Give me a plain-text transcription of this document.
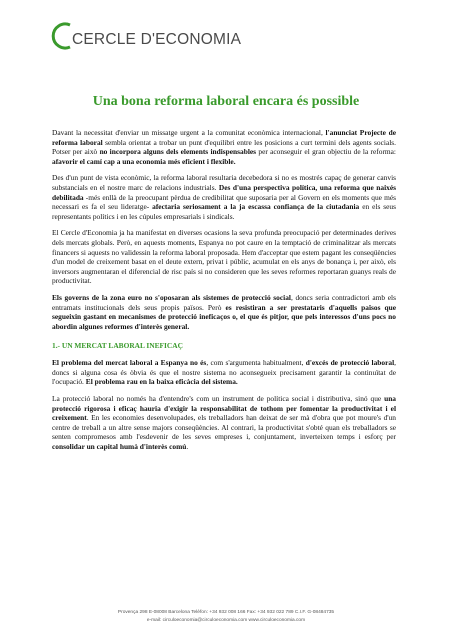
CERCLE D'ECONOMIA
Una bona reforma laboral encara és possible

Davant la necessitat d'enviar un missatge urgent a la comunitat econòmica internacional, l'anunciat Projecte de reforma laboral sembla orientat a trobar un punt d'equilibri entre les posicions a curt termini dels agents socials. Potser per això no incorpora alguns dels elements indispensables per aconseguir el gran objectiu de la reforma: afavorir el camí cap a una economia més eficient i flexible.

Des d'un punt de vista econòmic, la reforma laboral resultaria decebedora si no es mostrés capaç de generar canvis substancials en el nostre marc de relacions industrials. Des d'una perspectiva política, una reforma que naixés debilitada -més enllà de la preocupant pèrdua de credibilitat que suposaria per al Govern en els moments que més necessari es fa el seu lideratge- afectaria seriosament a la ja escassa confiança de la ciutadania en els seus representants polítics i en les cúpules empresarials i sindicals.

El Cercle d'Economia ja ha manifestat en diverses ocasions la seva profunda preocupació per determinades derives dels mercats globals. Però, en aquests moments, Espanya no pot caure en la temptació de criminalitzar als mercats financers si aquests no validessin la reforma laboral proposada. Hem d'acceptar que estem pagant les conseqüències d'un model de creixement basat en el deute extern, privat i públic, acumulat en els anys de bonança i, per això, els inversors augmentaran el diferencial de risc país si no consideren que les seves reformes reportaran guanys reals de productivitat.

Els governs de la zona euro no s'oposaran als sistemes de protecció social, doncs seria contradictori amb els entramats institucionals dels seus propis països. Però es resistiran a ser prestataris d'aquells països que segueixin gastant en mecanismes de protecció ineficaços o, el que és pitjor, que pels interessos d'uns pocs no abordin algunes reformes d'interès general.

1.- UN MERCAT LABORAL INEFICAÇ

El problema del mercat laboral a Espanya no és, com s'argumenta habitualment, d'excés de protecció laboral, doncs si alguna cosa és òbvia és que el nostre sistema no aconsegueix precisament garantir la continuïtat de l'ocupació. El problema rau en la baixa eficàcia del sistema.

La protecció laboral no només ha d'entendre's com un instrument de política social i distributiva, sinó que una protecció rigorosa i eficaç hauria d'exigir la responsabilitat de tothom per fomentar la productivitat i el creixement. En les economies desenvolupades, els treballadors han deixat de ser mà d'obra que pot moure's d'un centre de treball a un altre sense majors conseqüències. Al contrari, la productivitat s'obté quan els treballadors se senten compromesos amb l'esdevenir de les seves empreses i, conjuntament, inverteixen temps i esforç per consolidar un capital humà d'interès comú.

Provença 298 E-08008 Barcelona Telèfon: +34 932 008 166 Fax: +34 932 022 789 C.I.F. G-08484735
e-mail: circuloeconomia@circuloeconomia.com www.circuloeconomia.com
